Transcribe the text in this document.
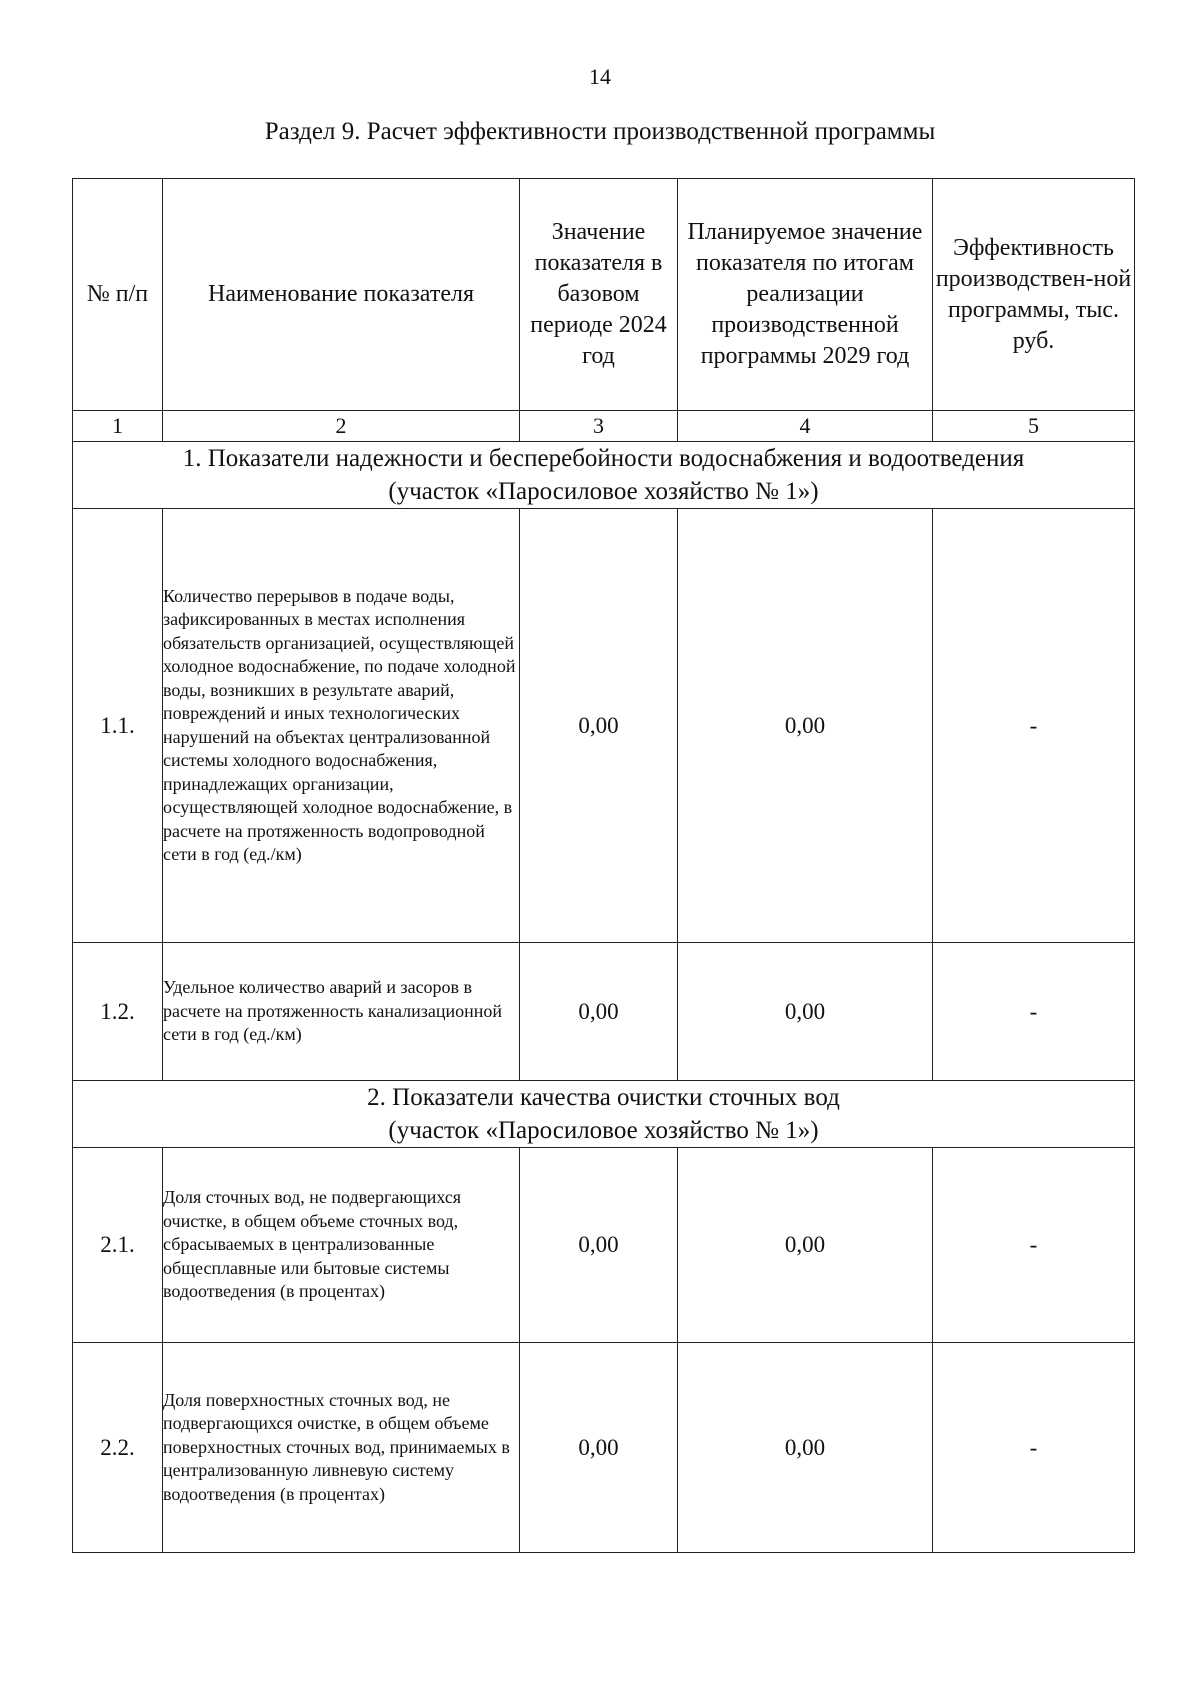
14
Раздел 9. Расчет эффективности производственной программы
№ п/п	Наименование показателя	Значение показателя в базовом периоде 2024 год	Планируемое значение показателя по итогам реализации производственной программы 2029 год	Эффективность производствен-ной программы, тыс. руб.
1	2	3	4	5

1. Показатели надежности и бесперебойности водоснабжения и водоотведения
(участок «Паросиловое хозяйство № 1»)				

1.1.	Количество перерывов в подаче воды, зафиксированных в местах исполнения обязательств организацией, осуществляющей холодное водоснабжение, по подаче холодной воды, возникших в результате аварий, повреждений и иных технологических нарушений на объектах централизованной системы холодного водоснабжения, принадлежащих организации, осуществляющей холодное водоснабжение, в расчете на протяженность водопроводной сети в год (ед./км)	0,00	0,00	-
1.2.	Удельное количество аварий и засоров в расчете на протяженность канализационной сети в год (ед./км)	0,00	0,00	-

2. Показатели качества очистки сточных вод
(участок «Паросиловое хозяйство № 1»)				

2.1.	Доля сточных вод, не подвергающихся очистке, в общем объеме сточных вод, сбрасываемых в централизованные общесплавные или бытовые системы водоотведения (в процентах)	0,00	0,00	-
2.2.	Доля поверхностных сточных вод, не подвергающихся очистке, в общем объеме поверхностных сточных вод, принимаемых в централизованную ливневую систему водоотведения (в процентах)	0,00	0,00	-
